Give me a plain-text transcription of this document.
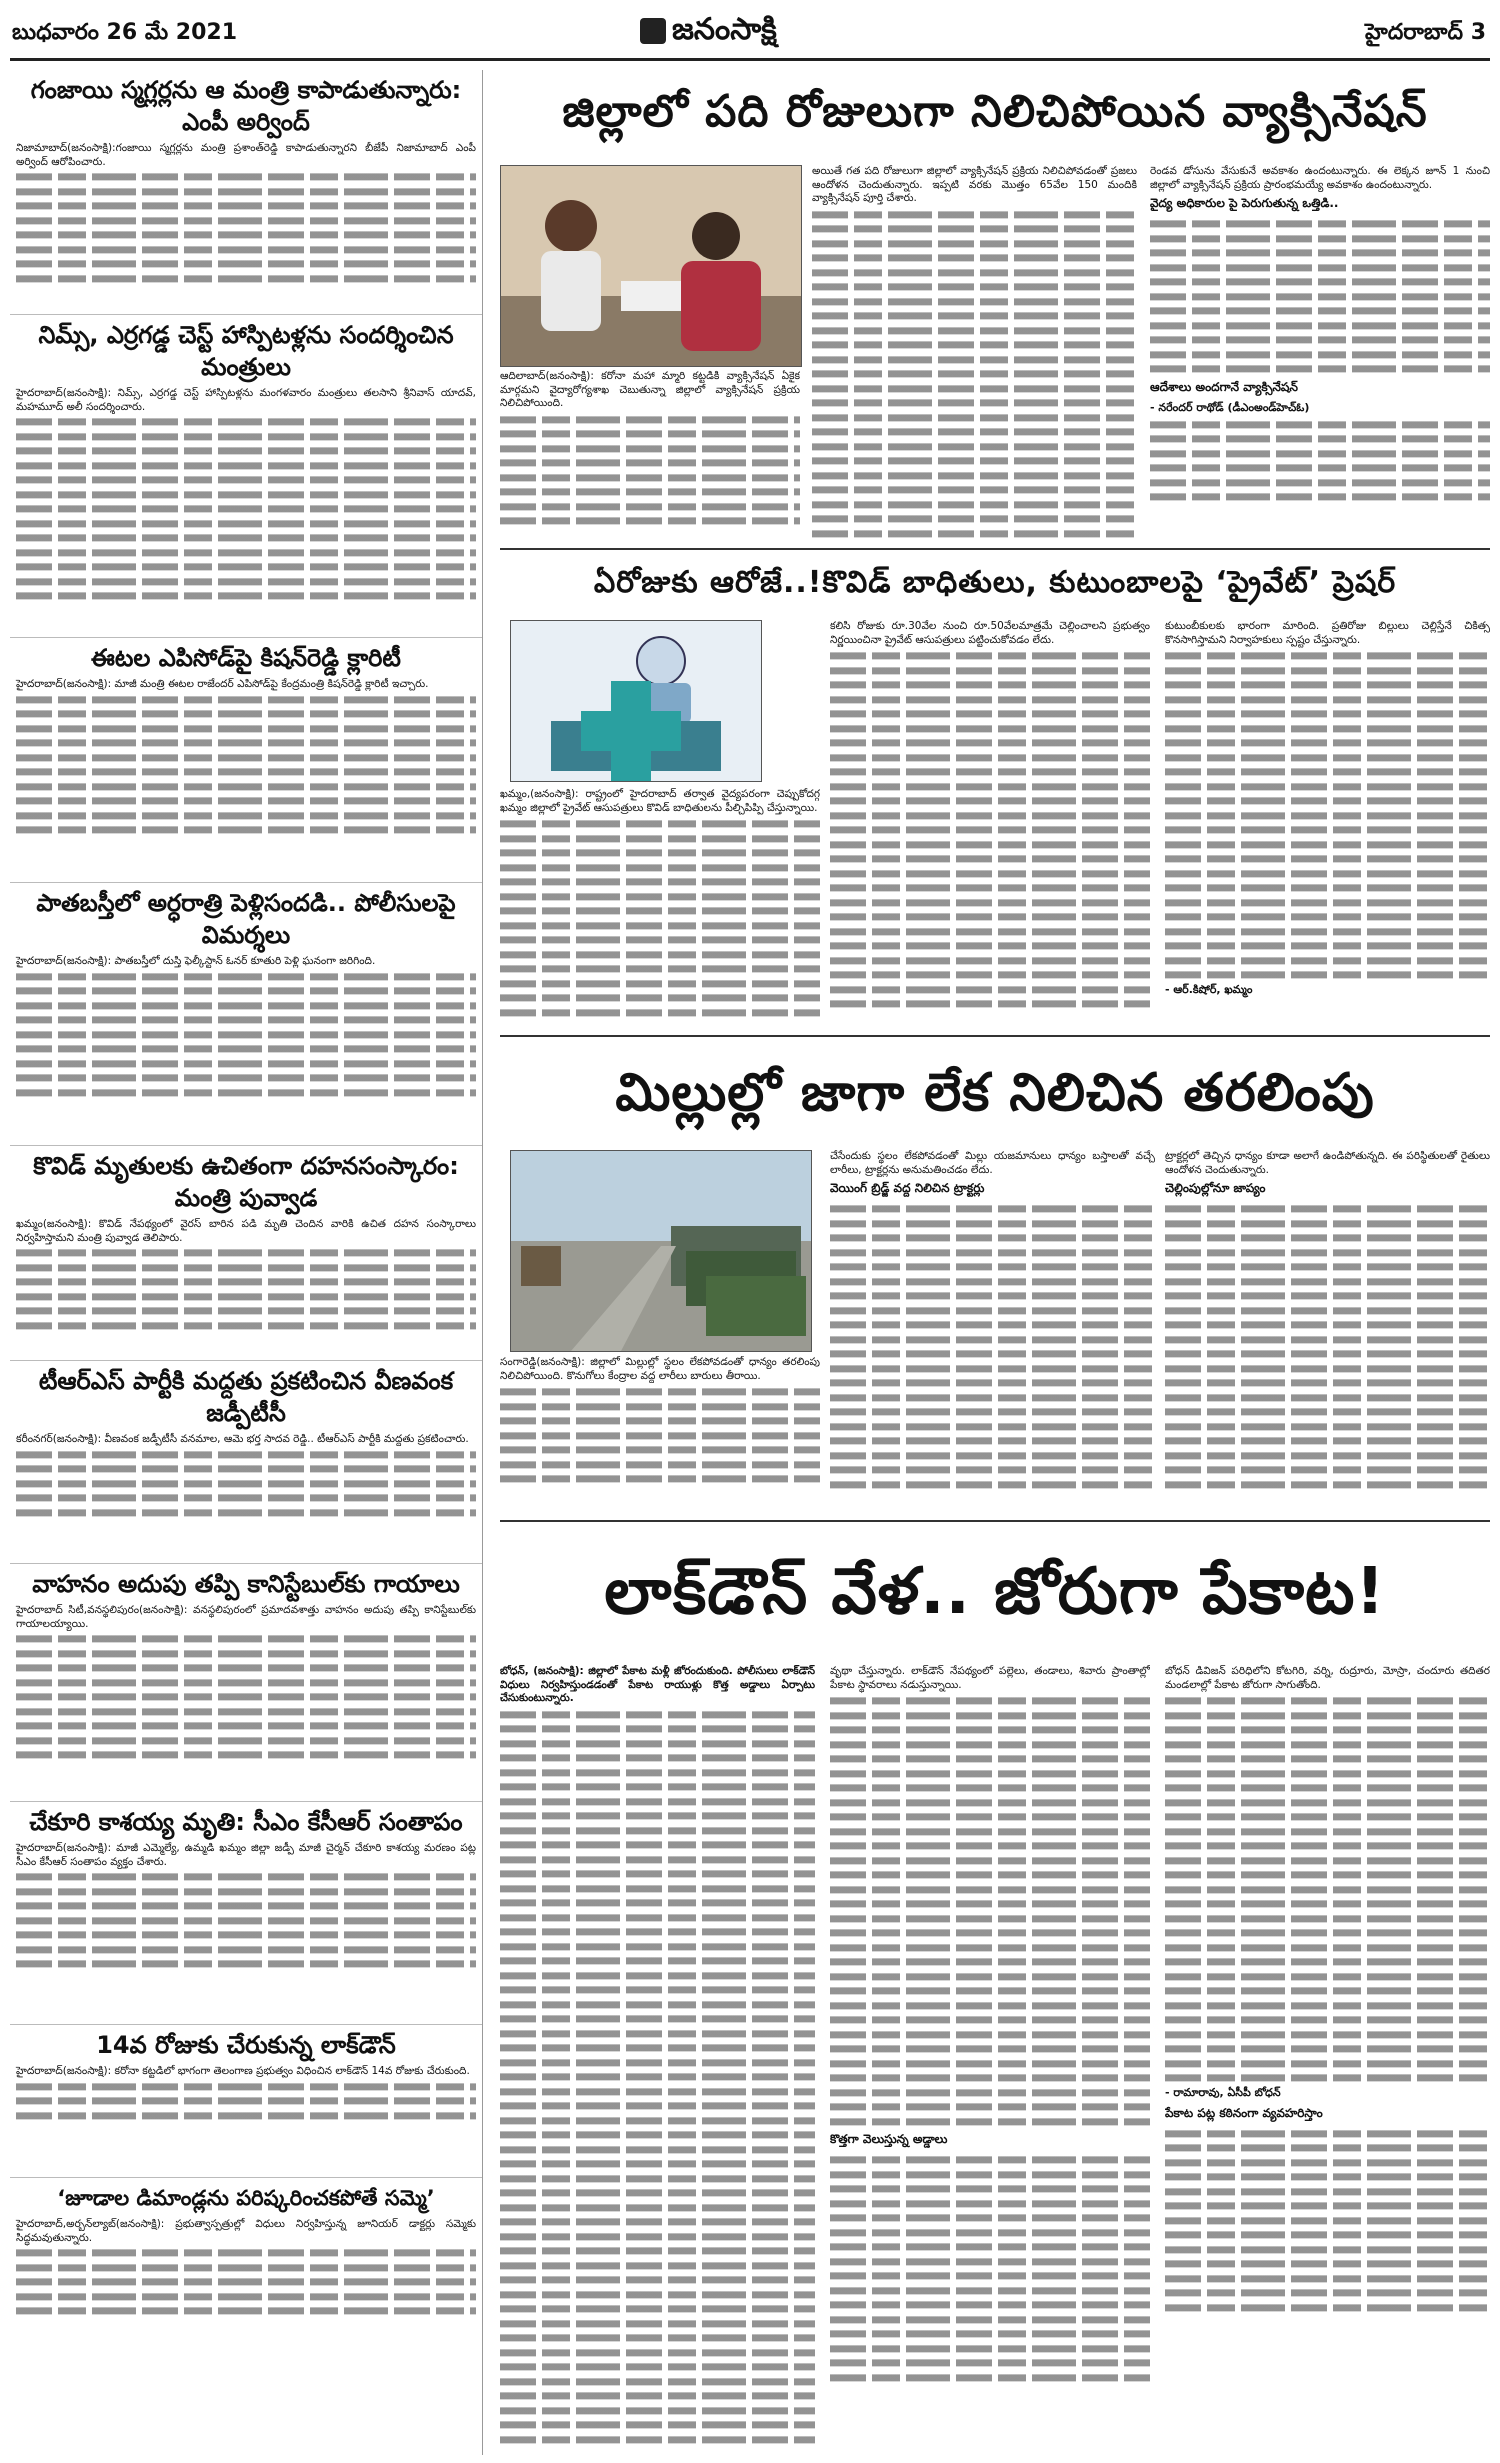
బుధవారం 26 మే 2021	జనంసాక్షి	హైదరాబాద్ 3
గంజాయి స్మగ్లర్లను ఆ మంత్రి కాపాడుతున్నారు: ఎంపీ అర్వింద్

నిజామాబాద్‌(జనంసాక్షి):గంజాయి స్మగ్లర్లను మంత్రి ప్రశాంత్‌రెడ్డి కాపాడుతున్నారని బీజేపీ నిజామాబాద్‌ ఎంపీ అర్వింద్‌ ఆరోపించారు.

నిమ్స్‌, ఎర్రగడ్డ చెస్ట్‌ హాస్పిటళ్లను సందర్శించిన మంత్రులు

హైదరాబాద్‌(జనంసాక్షి): నిమ్స్‌, ఎర్రగడ్డ చెస్ట్‌ హాస్పిటళ్లను మంగళవారం మంత్రులు తలసాని శ్రీనివాస్‌ యాదవ్‌, మహమూద్‌ అలీ సందర్శించారు.

ఈటల ఎపిసోడ్‌పై కిషన్‌రెడ్డి క్లారిటీ

హైదరాబాద్‌(జనంసాక్షి): మాజీ మంత్రి ఈటల రాజేందర్‌ ఎపిసోడ్‌పై కేంద్రమంత్రి కిషన్‌రెడ్డి క్లారిటీ ఇచ్చారు.

పాతబస్తీలో అర్ధరాత్రి పెళ్లిసందడి.. పోలీసులపై విమర్శలు

హైదరాబాద్‌(జనంసాక్షి): పాతబస్తీలో దుస్తి ఫెల్కీస్టాన్‌ ఓనర్‌ కూతురి పెళ్లి ఘనంగా జరిగింది.

కొవిడ్‌ మృతులకు ఉచితంగా దహనసంస్కారం: మంత్రి పువ్వాడ

ఖమ్మం(జనంసాక్షి): కొవిడ్‌ నేపథ్యంలో వైరస్‌ బారిన పడి మృతి చెందిన వారికి ఉచిత దహన సంస్కారాలు నిర్వహిస్తామని మంత్రి పువ్వాడ తెలిపారు.

టీఆర్‌ఎస్‌ పార్టీకి మద్దతు ప్రకటించిన వీణవంక జడ్పీటీసీ

కరీంనగర్‌(జనంసాక్షి): వీణవంక జడ్పీటీసీ వనమాల, ఆమె భర్త సాదవ రెడ్డి.. టీఆర్‌ఎస్‌ పార్టీకి మద్దతు ప్రకటించారు.

వాహనం అదుపు తప్పి కానిస్టేబుల్‌కు గాయాలు

హైదరాబాద్‌ సిటీ,వనస్థలిపురం(జనంసాక్షి): వనస్థలిపురంలో ప్రమాదవశాత్తు వాహనం అదుపు తప్పి కానిస్టేబుల్‌కు గాయాలయ్యాయి.

చేకూరి కాశయ్య మృతి: సీఎం కేసీఆర్‌ సంతాపం

హైదరాబాద్‌(జనంసాక్షి): మాజీ ఎమ్మెల్యే, ఉమ్మడి ఖమ్మం జిల్లా జడ్పీ మాజీ చైర్మన్‌ చేకూరి కాశయ్య మరణం పట్ల సీఎం కేసీఆర్‌ సంతాపం వ్యక్తం చేశారు.

14వ రోజుకు చేరుకున్న లాక్‌డౌన్‌

హైదరాబాద్‌(జనంసాక్షి): కరోనా కట్టడిలో భాగంగా తెలంగాణ ప్రభుత్వం విధించిన లాక్‌డౌన్‌ 14వ రోజుకు చేరుకుంది.

‘జూడాల డిమాండ్లను పరిష్కరించకపోతే సమ్మె’

హైదరాబాద్‌,అర్బన్‌ల్యాబ్‌(జనంసాక్షి): ప్రభుత్వాస్పత్రుల్లో విధులు నిర్వహిస్తున్న జూనియర్‌ డాక్టర్లు సమ్మెకు సిద్ధమవుతున్నారు.

జిల్లాలో పది రోజులుగా నిలిచిపోయిన వ్యాక్సినేషన్‌

ఆదిలాబాద్‌(జనంసాక్షి): కరోనా మహా మ్మారి కట్టడికి వ్యాక్సినేషన్‌ ఏకైక మార్గమని వైద్యారోగ్యశాఖ చెబుతున్నా జిల్లాలో వ్యాక్సినేషన్‌ ప్రక్రియ నిలిచిపోయింది.

అయితే గత పది రోజులుగా జిల్లాలో వ్యాక్సినేషన్‌ ప్రక్రియ నిలిచిపోవడంతో ప్రజలు ఆందోళన చెందుతున్నారు. ఇప్పటి వరకు మొత్తం 65వేల 150 మందికి వ్యాక్సినేషన్‌ పూర్తి చేశారు.

రెండవ డోసును వేసుకునే అవకాశం ఉందంటున్నారు. ఈ లెక్కన జూన్‌ 1 నుంచి జిల్లాలో వ్యాక్సినేషన్‌ ప్రక్రియ ప్రారంభమయ్యే అవకాశం ఉందంటున్నారు.

వైద్య అధికారుల పై పెరుగుతున్న ఒత్తిడి..
ఆదేశాలు అందగానే వ్యాక్సినేషన్‌
- నరేందర్‌ రాథోడ్‌ (డీఎంఅండ్‌హెచ్‌ఓ)
ఏరోజుకు ఆరోజే..!కొవిడ్‌ బాధితులు, కుటుంబాలపై ‘ప్రైవేట్‌’ ప్రెషర్‌

ఖమ్మం,(జనంసాక్షి): రాష్ట్రంలో హైదరాబాద్‌ తర్వాత వైద్యపరంగా చెప్పుకోదగ్గ ఖమ్మం జిల్లాలో ప్రైవేట్‌ ఆసుపత్రులు కొవిడ్‌ బాధితులను పీల్చిపిప్పి చేస్తున్నాయి.

కలిసి రోజుకు రూ.30వేల నుంచి రూ.50వేలమాత్రమే చెల్లించాలని ప్రభుత్వం నిర్ణయించినా ప్రైవేట్‌ ఆసుపత్రులు పట్టించుకోవడం లేదు.

కుటుంబీకులకు భారంగా మారింది. ప్రతిరోజు బిల్లులు చెల్లిస్తేనే చికిత్స కొనసాగిస్తామని నిర్వాహకులు స్పష్టం చేస్తున్నారు.

- ఆర్‌.కిషోర్‌, ఖమ్మం
మిల్లుల్లో జాగా లేక నిలిచిన తరలింపు

సంగారెడ్డి(జనంసాక్షి): జిల్లాలో మిల్లుల్లో స్థలం లేకపోవడంతో ధాన్యం తరలింపు నిలిచిపోయింది. కొనుగోలు కేంద్రాల వద్ద లారీలు బారులు తీరాయి.

చేసేందుకు స్థలం లేకపోవడంతో మిల్లు యజమానులు ధాన్యం బస్తాలతో వచ్చే లారీలు, ట్రాక్టర్లను అనుమతించడం లేదు.

వెయింగ్‌ బ్రిడ్జ్‌ వద్ద నిలిచిన ట్రాక్టర్లు

ట్రాక్టర్లలో తెచ్చిన ధాన్యం కూడా అలాగే ఉండిపోతున్నది. ఈ పరిస్థితులతో రైతులు ఆందోళన చెందుతున్నారు.

చెల్లింపుల్లోనూ జాప్యం
లాక్‌డౌన్‌ వేళ.. జోరుగా పేకాట!

బోధన్‌, (జనంసాక్షి): జిల్లాలో పేకాట మళ్లీ జోరందుకుంది. పోలీసులు లాక్‌డౌన్‌ విధులు నిర్వహిస్తుండడంతో పేకాట రాయుళ్లు కొత్త అడ్డాలు ఏర్పాటు చేసుకుంటున్నారు.

వృథా చేస్తున్నారు. లాక్‌డౌన్‌ నేపథ్యంలో పల్లెలు, తండాలు, శివారు ప్రాంతాల్లో పేకాట స్థావరాలు నడుస్తున్నాయి.

కొత్తగా వెలుస్తున్న అడ్డాలు

బోధన్‌ డివిజన్‌ పరిధిలోని కోటగిరి, వర్ని, రుద్రూరు, మోస్రా, చందూరు తదితర మండలాల్లో పేకాట జోరుగా సాగుతోంది.

- రామారావు, ఏసీపీ బోధన్‌
పేకాట పట్ల కఠినంగా వ్యవహరిస్తాం
